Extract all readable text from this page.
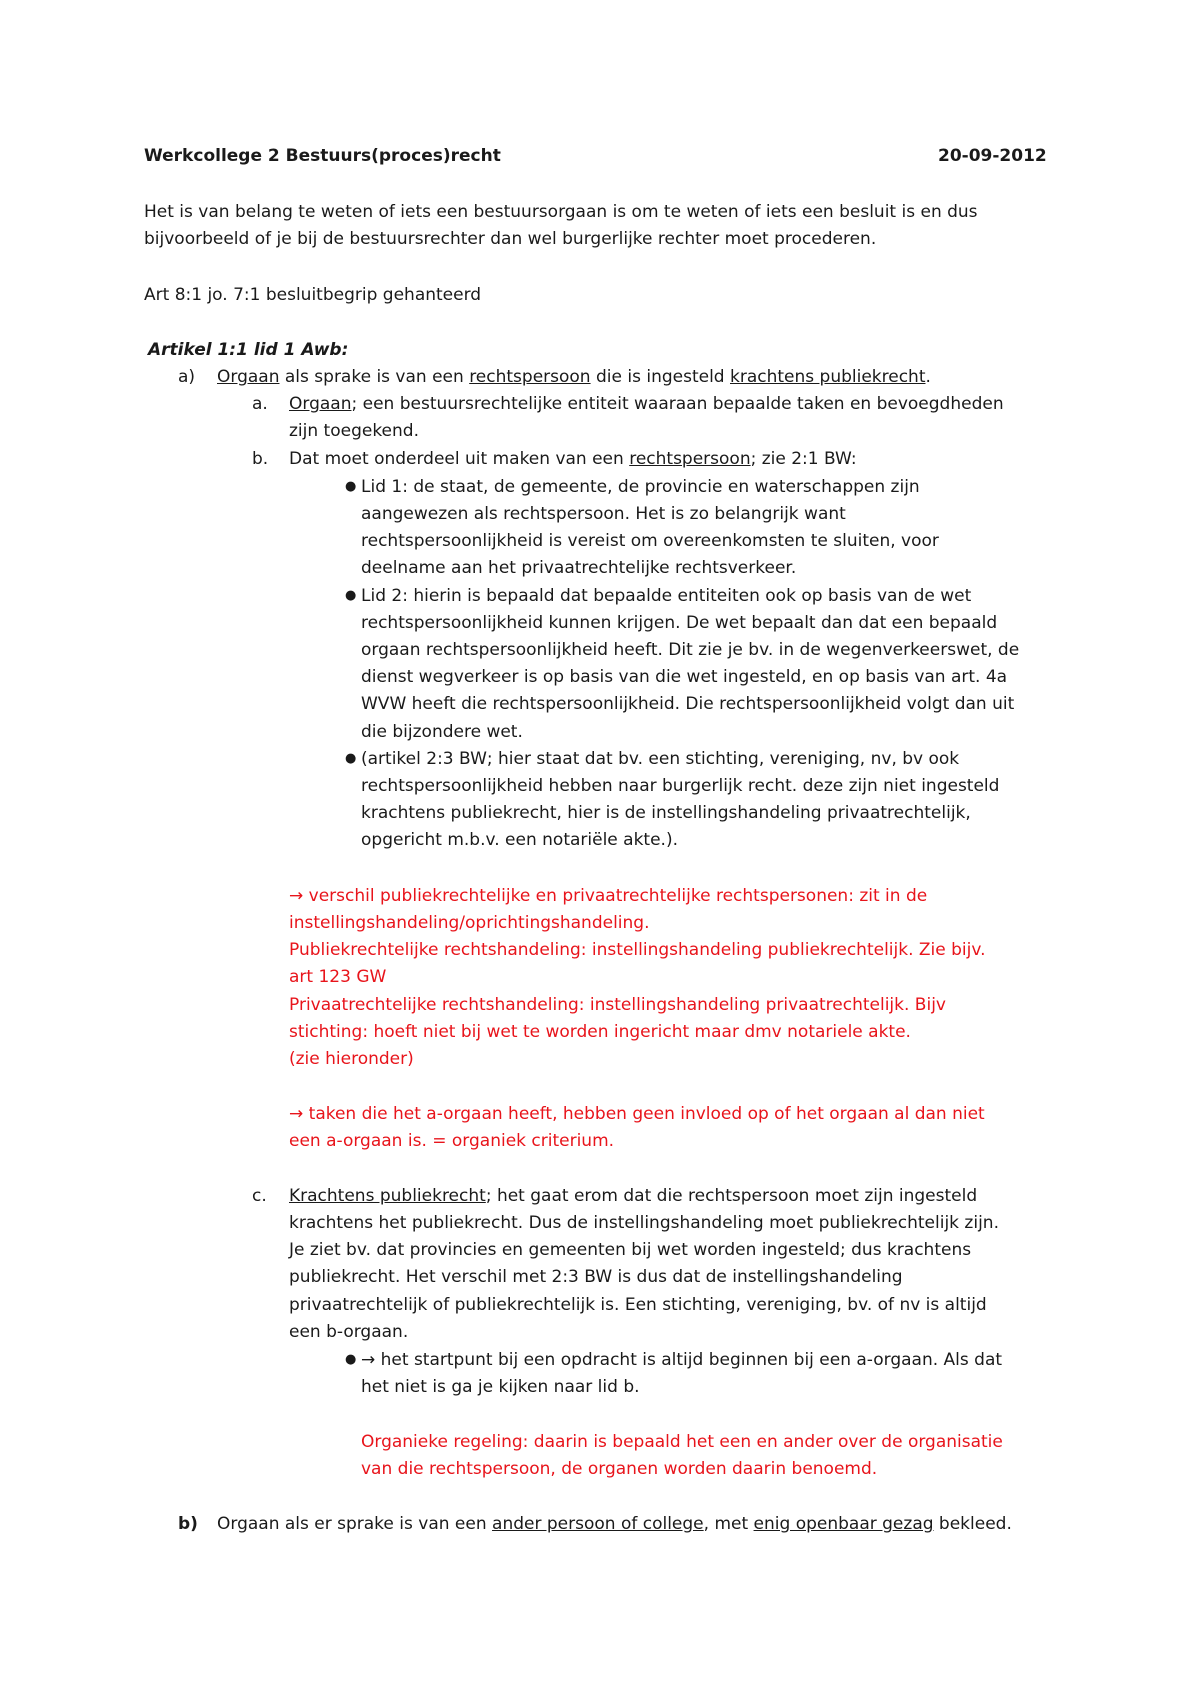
Werkcollege 2 Bestuurs(proces)recht	20-09-2012
Het is van belang te weten of iets een bestuursorgaan is om te weten of iets een besluit is en dus
bijvoorbeeld of je bij de bestuursrechter dan wel burgerlijke rechter moet procederen.
Art 8:1 jo. 7:1 besluitbegrip gehanteerd
Artikel 1:1 lid 1 Awb:
a) Orgaan als sprake is van een rechtspersoon die is ingesteld krachtens publiekrecht.
a. Orgaan; een bestuursrechtelijke entiteit waaraan bepaalde taken en bevoegdheden
zijn toegekend.
b. Dat moet onderdeel uit maken van een rechtspersoon; zie 2:1 BW:
● Lid 1: de staat, de gemeente, de provincie en waterschappen zijn
aangewezen als rechtspersoon. Het is zo belangrijk want
rechtspersoonlijkheid is vereist om overeenkomsten te sluiten, voor
deelname aan het privaatrechtelijke rechtsverkeer.
● Lid 2: hierin is bepaald dat bepaalde entiteiten ook op basis van de wet
rechtspersoonlijkheid kunnen krijgen. De wet bepaalt dan dat een bepaald
orgaan rechtspersoonlijkheid heeft. Dit zie je bv. in de wegenverkeerswet, de
dienst wegverkeer is op basis van die wet ingesteld, en op basis van art. 4a
WVW heeft die rechtspersoonlijkheid. Die rechtspersoonlijkheid volgt dan uit
die bijzondere wet.
● (artikel 2:3 BW; hier staat dat bv. een stichting, vereniging, nv, bv ook
rechtspersoonlijkheid hebben naar burgerlijk recht. deze zijn niet ingesteld
krachtens publiekrecht, hier is de instellingshandeling privaatrechtelijk,
opgericht m.b.v. een notariële akte.).
→ verschil publiekrechtelijke en privaatrechtelijke rechtspersonen: zit in de
instellingshandeling/oprichtingshandeling.
Publiekrechtelijke rechtshandeling: instellingshandeling publiekrechtelijk. Zie bijv.
art 123 GW
Privaatrechtelijke rechtshandeling: instellingshandeling privaatrechtelijk. Bijv
stichting: hoeft niet bij wet te worden ingericht maar dmv notariele akte.
(zie hieronder)
→ taken die het a-orgaan heeft, hebben geen invloed op of het orgaan al dan niet
een a-orgaan is. = organiek criterium.
c. Krachtens publiekrecht; het gaat erom dat die rechtspersoon moet zijn ingesteld
krachtens het publiekrecht. Dus de instellingshandeling moet publiekrechtelijk zijn.
Je ziet bv. dat provincies en gemeenten bij wet worden ingesteld; dus krachtens
publiekrecht. Het verschil met 2:3 BW is dus dat de instellingshandeling
privaatrechtelijk of publiekrechtelijk is. Een stichting, vereniging, bv. of nv is altijd
een b-orgaan.
● → het startpunt bij een opdracht is altijd beginnen bij een a-orgaan. Als dat
het niet is ga je kijken naar lid b.
Organieke regeling: daarin is bepaald het een en ander over de organisatie
van die rechtspersoon, de organen worden daarin benoemd.
b) Orgaan als er sprake is van een ander persoon of college, met enig openbaar gezag bekleed.
